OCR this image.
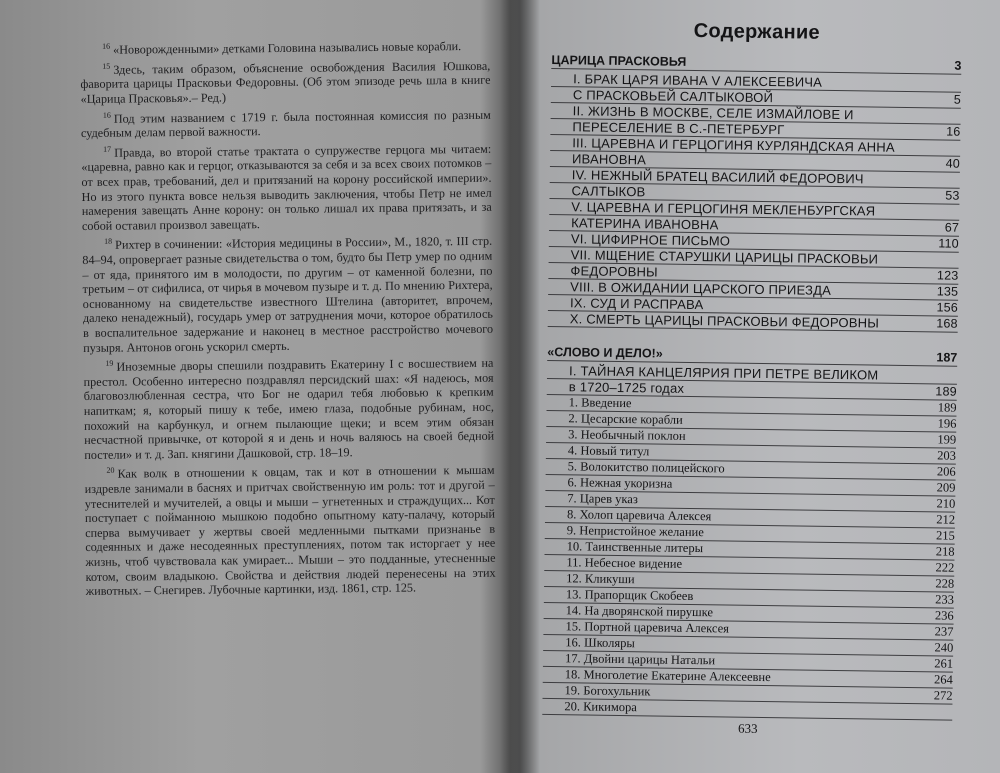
$^{16}$ «Новорожденными» детками Головина назывались новые корабли.

$^{15}$ Здесь, таким образом, объяснение освобождения Василия Юшкова, фаворита царицы Прасковьи Федоровны. (Об этом эпизоде речь шла в книге «Царица Прасковья».– Ред.)

$^{16}$ Под этим названием с 1719 г. была постоянная комиссия по разным судебным делам первой важности.

$^{17}$ Правда, во второй статье трактата о супружестве герцога мы читаем: «царевна, равно как и герцог, отказываются за себя и за всех своих потомков – от всех прав, требований, дел и притязаний на корону российской империи». Но из этого пункта вовсе нельзя выводить заключения, чтобы Петр не имел намерения завещать Анне корону: он только лишал их права притязать, и за собой оставил произвол завещать.

$^{18}$ Рихтер в сочинении: «История медицины в России», М., 1820, т. III стр. 84–94, опровергает разные свидетельства о том, будто бы Петр умер по одним – от яда, принятого им в молодости, по другим – от каменной болезни, по третьим – от сифилиса, от чирья в мочевом пузыре и т. д. По мнению Рихтера, основанному на свидетельстве известного Штелина (авторитет, впрочем, далеко ненадежный), государь умер от затруднения мочи, которое обратилось в воспалительное задержание и наконец в местное расстройство мочевого пузыря. Антонов огонь ускорил смерть.

$^{19}$ Иноземные дворы спешили поздравить Екатерину I с восшествием на престол. Особенно интересно поздравлял персидский шах: «Я надеюсь, моя благовозлюбленная сестра, что Бог не одарил тебя любовью к крепким напиткам; я, который пишу к тебе, имею глаза, подобные рубинам, нос, похожий на карбункул, и огнем пылающие щеки; и всем этим обязан несчастной привычке, от которой я и день и ночь валяюсь на своей бедной постели» и т. д. Зап. княгини Дашковой, стр. 18–19.

$^{20}$ Как волк в отношении к овцам, так и кот в отношении к мышам издревле занимали в баснях и притчах свойственную им роль: тот и другой – утеснителей и мучителей, а овцы и мыши – угнетенных и страждущих... Кот поступает с пойманною мышкою подобно опытному кату-палачу, который сперва вымучивает у жертвы своей медленными пытками признанье в содеянных и даже несодеянных преступлениях, потом так исторгает у нее жизнь, чтоб чувствовала как умирает... Мыши – это подданные, утесненные котом, своим владыкою. Свойства и действия людей перенесены на этих животных. – Снегирев. Лубочные картинки, изд. 1861, стр. 125.

Содержание
ЦАРИЦА ПРАСКОВЬЯ	3
I. БРАК ЦАРЯ ИВАНА V АЛЕКСЕЕВИЧА
С ПРАСКОВЬЕЙ САЛТЫКОВОЙ	5
II. ЖИЗНЬ В МОСКВЕ, СЕЛЕ ИЗМАЙЛОВЕ И
ПЕРЕСЕЛЕНИЕ В С.-ПЕТЕРБУРГ	16
III. ЦАРЕВНА И ГЕРЦОГИНЯ КУРЛЯНДСКАЯ АННА
ИВАНОВНА	40
IV. НЕЖНЫЙ БРАТЕЦ ВАСИЛИЙ ФЕДОРОВИЧ
САЛТЫКОВ	53
V. ЦАРЕВНА И ГЕРЦОГИНЯ МЕКЛЕНБУРГСКАЯ
КАТЕРИНА ИВАНОВНА	67
VI. ЦИФИРНОЕ ПИСЬМО	110
VII. МЩЕНИЕ СТАРУШКИ ЦАРИЦЫ ПРАСКОВЬИ
ФЕДОРОВНЫ	123
VIII. В ОЖИДАНИИ ЦАРСКОГО ПРИЕЗДА	135
IX. СУД И РАСПРАВА	156
X. СМЕРТЬ ЦАРИЦЫ ПРАСКОВЬИ ФЕДОРОВНЫ	168
«СЛОВО И ДЕЛО!»	187
I. ТАЙНАЯ КАНЦЕЛЯРИЯ ПРИ ПЕТРЕ ВЕЛИКОМ
в 1720–1725 годах	189
1. Введение	189
2. Цесарские корабли	196
3. Необычный поклон	199
4. Новый титул	203
5. Волокитство полицейского	206
6. Нежная укоризна	209
7. Царев указ	210
8. Холоп царевича Алексея	212
9. Непристойное желание	215
10. Таинственные литеры	218
11. Небесное видение	222
12. Кликуши	228
13. Прапорщик Скобеев	233
14. На дворянской пирушке	236
15. Портной царевича Алексея	237
16. Школяры	240
17. Двойни царицы Натальи	261
18. Многолетие Екатерине Алексеевне	264
19. Богохульник	272
20. Кикимора
633
